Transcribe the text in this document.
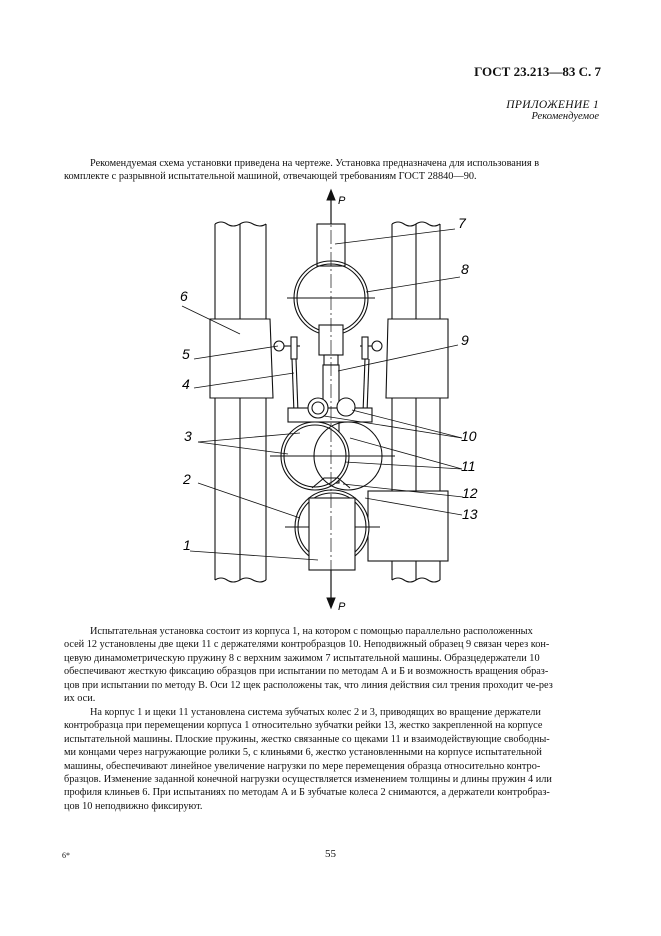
ГОСТ 23.213—83 С. 7
ПРИЛОЖЕНИЕ 1
Рекомендуемое
Рекомендуемая схема установки приведена на чертеже. Установка предназначена для использования в
комплекте с разрывной испытательной машиной, отвечающей требованиям ГОСТ 28840—90.
P
P
7
8
6
5
9
4
3	10
11
2
12
13
1
Испытательная установка состоит из корпуса 1, на котором с помощью параллельно расположенных
осей 12 установлены две щеки 11 с держателями контробразцов 10. Неподвижный образец 9 связан через кон-
цевую динамометрическую пружину 8 с верхним зажимом 7 испытательной машины. Образцедержатели 10
обеспечивают жесткую фиксацию образцов при испытании по методам А и Б и возможность вращения образ-
цов при испытании по методу В. Оси 12 щек расположены так, что линия действия сил трения проходит че-рез
их оси.
На корпус 1 и щеки 11 установлена система зубчатых колес 2 и 3, приводящих во вращение держатели
контробразца при перемещении корпуса 1 относительно зубчатки рейки 13, жестко закрепленной на корпусе
испытательной машины. Плоские пружины, жестко связанные со щеками 11 и взаимодействующие свободны-
ми концами через нагружающие ролики 5, с клиньями 6, жестко установленными на корпусе испытательной
машины, обеспечивают линейное увеличение нагрузки по мере перемещения образца относительно контро-
бразцов. Изменение заданной конечной нагрузки осуществляется изменением толщины и длины пружин 4 или
профиля клиньев 6. При испытаниях по методам А и Б зубчатые колеса 2 снимаются, а держатели контробраз-
цов 10 неподвижно фиксируют.
6*	55
